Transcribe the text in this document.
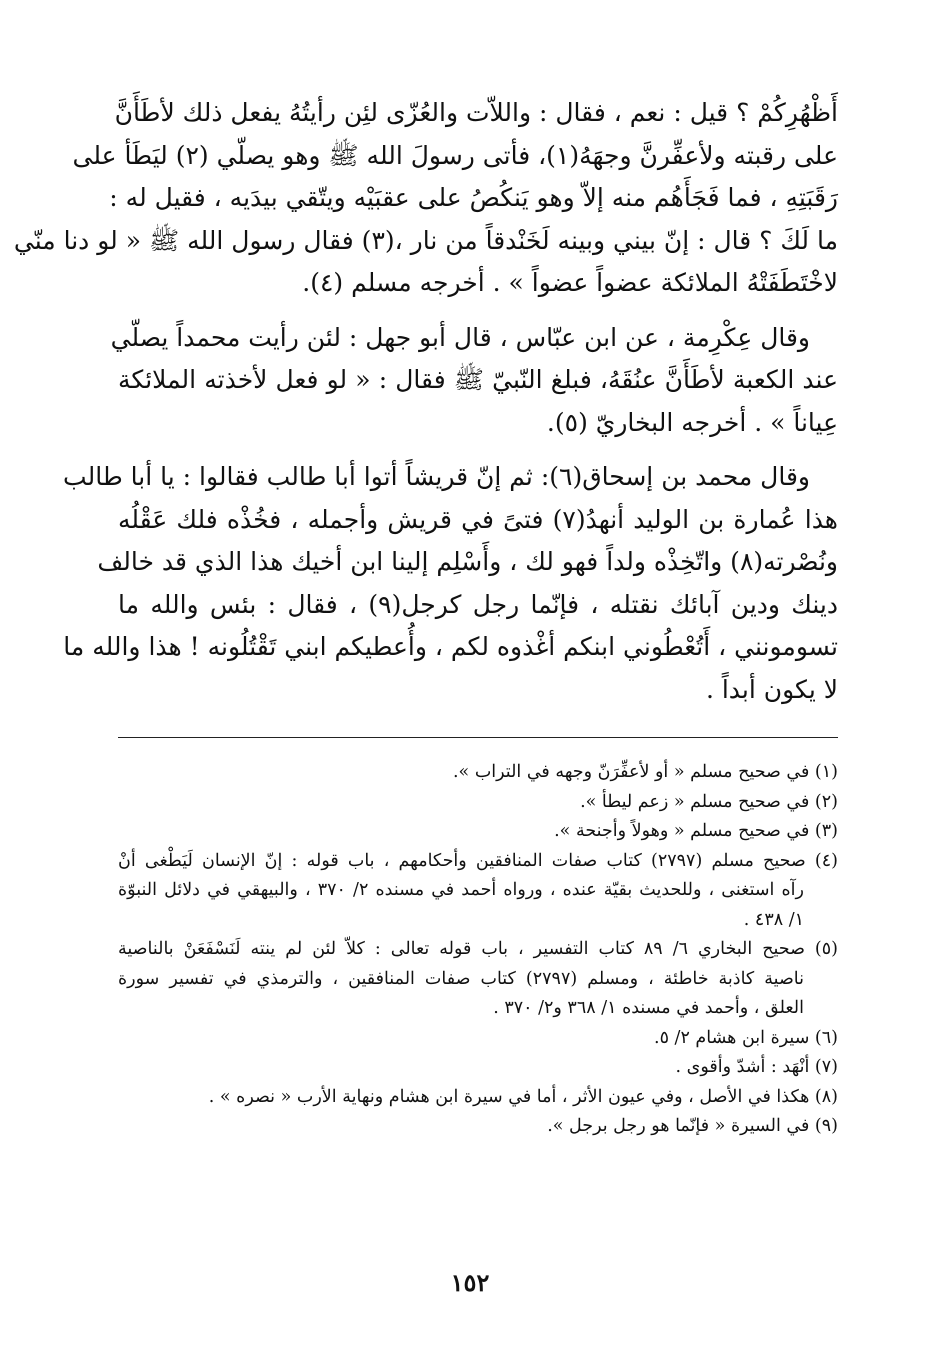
أَظْهُرِكُمْ ؟ قيل : نعم ، فقال : واللاّت والعُزّى لئِن رأيتُهُ يفعل ذلك لأطَأَنَّ
على رقبته ولأعفِّرنَّ وجهَهُ(١)، فأتى رسولَ الله ﷺ وهو يصلّي (٢) ليَطَأ على
رَقَبَتِهِ ، فما فَجَأَهُم منه إلاّ وهو يَنكُصُ على عقبَيْه ويتّقي بيدَيه ، فقيل له :
ما لَكَ ؟ قال : إنّ بيني وبينه لَخَنْدقاً من نار ،(٣) فقال رسول الله ﷺ « لو دنا منّي
لاخْتَطَفَتْهُ الملائكة عضواً عضواً » . أخرجه مسلم (٤).
وقال عِكْرِمة ، عن ابن عبّاس ، قال أبو جهل : لئن رأيت محمداً يصلّي
عند الكعبة لأطَأَنَّ عنُقَهُ، فبلغ النّبيّ ﷺ فقال : « لو فعل لأخذته الملائكة
عِياناً » . أخرجه البخاريّ (٥).
وقال محمد بن إسحاق(٦): ثم إنّ قريشاً أتوا أبا طالب فقالوا : يا أبا طالب
هذا عُمارة بن الوليد أنهدُ(٧) فتىً في قريش وأجمله ، فخُذْه فلك عَقْلُه
ونُصْرته(٨) واتّخِذْه ولداً فهو لك ، وأَسْلِم إلينا ابن أخيك هذا الذي قد خالف
دينك ودين آبائك نقتله ، فإنّما رجل كرجل(٩) ، فقال : بئس والله ما
تسومونني ، أَتُعْطُوني ابنكم أغْذوه لكم ، وأُعطيكم ابني تَقْتُلُونه ! هذا والله ما
لا يكون أبداً .
(١) في صحيح مسلم « أو لأعفِّرَنّ وجهه في التراب ».
(٢) في صحيح مسلم « زعم ليطأ ».
(٣) في صحيح مسلم « وهولاً وأجنحة ».
(٤) صحيح مسلم (٢٧٩٧) كتاب صفات المنافقين وأحكامهم ، باب قوله : إنّ الإنسان لَيَطْغى أنْ
رآه استغنى ، وللحديث بقيّة عنده ، ورواه أحمد في مسنده ٢/ ٣٧٠ ، والبيهقي في دلائل النبوّة
١/ ٤٣٨ .
(٥) صحيح البخاري ٦/ ٨٩ كتاب التفسير ، باب قوله تعالى : كلاّ لئن لم ينته لَنَسْفَعَنْ بالناصية
ناصية كاذبة خاطئة ، ومسلم (٢٧٩٧) كتاب صفات المنافقين ، والترمذي في تفسير سورة
العلق ، وأحمد في مسنده ١/ ٣٦٨ و٢/ ٣٧٠ .
(٦) سيرة ابن هشام ٢/ ٥.
(٧) أنْهَد : أشدّ وأقوى .
(٨) هكذا في الأصل ، وفي عيون الأثر ، أما في سيرة ابن هشام ونهاية الأرب « نصره » .
(٩) في السيرة « فإنّما هو رجل برجل ».
١٥٢
